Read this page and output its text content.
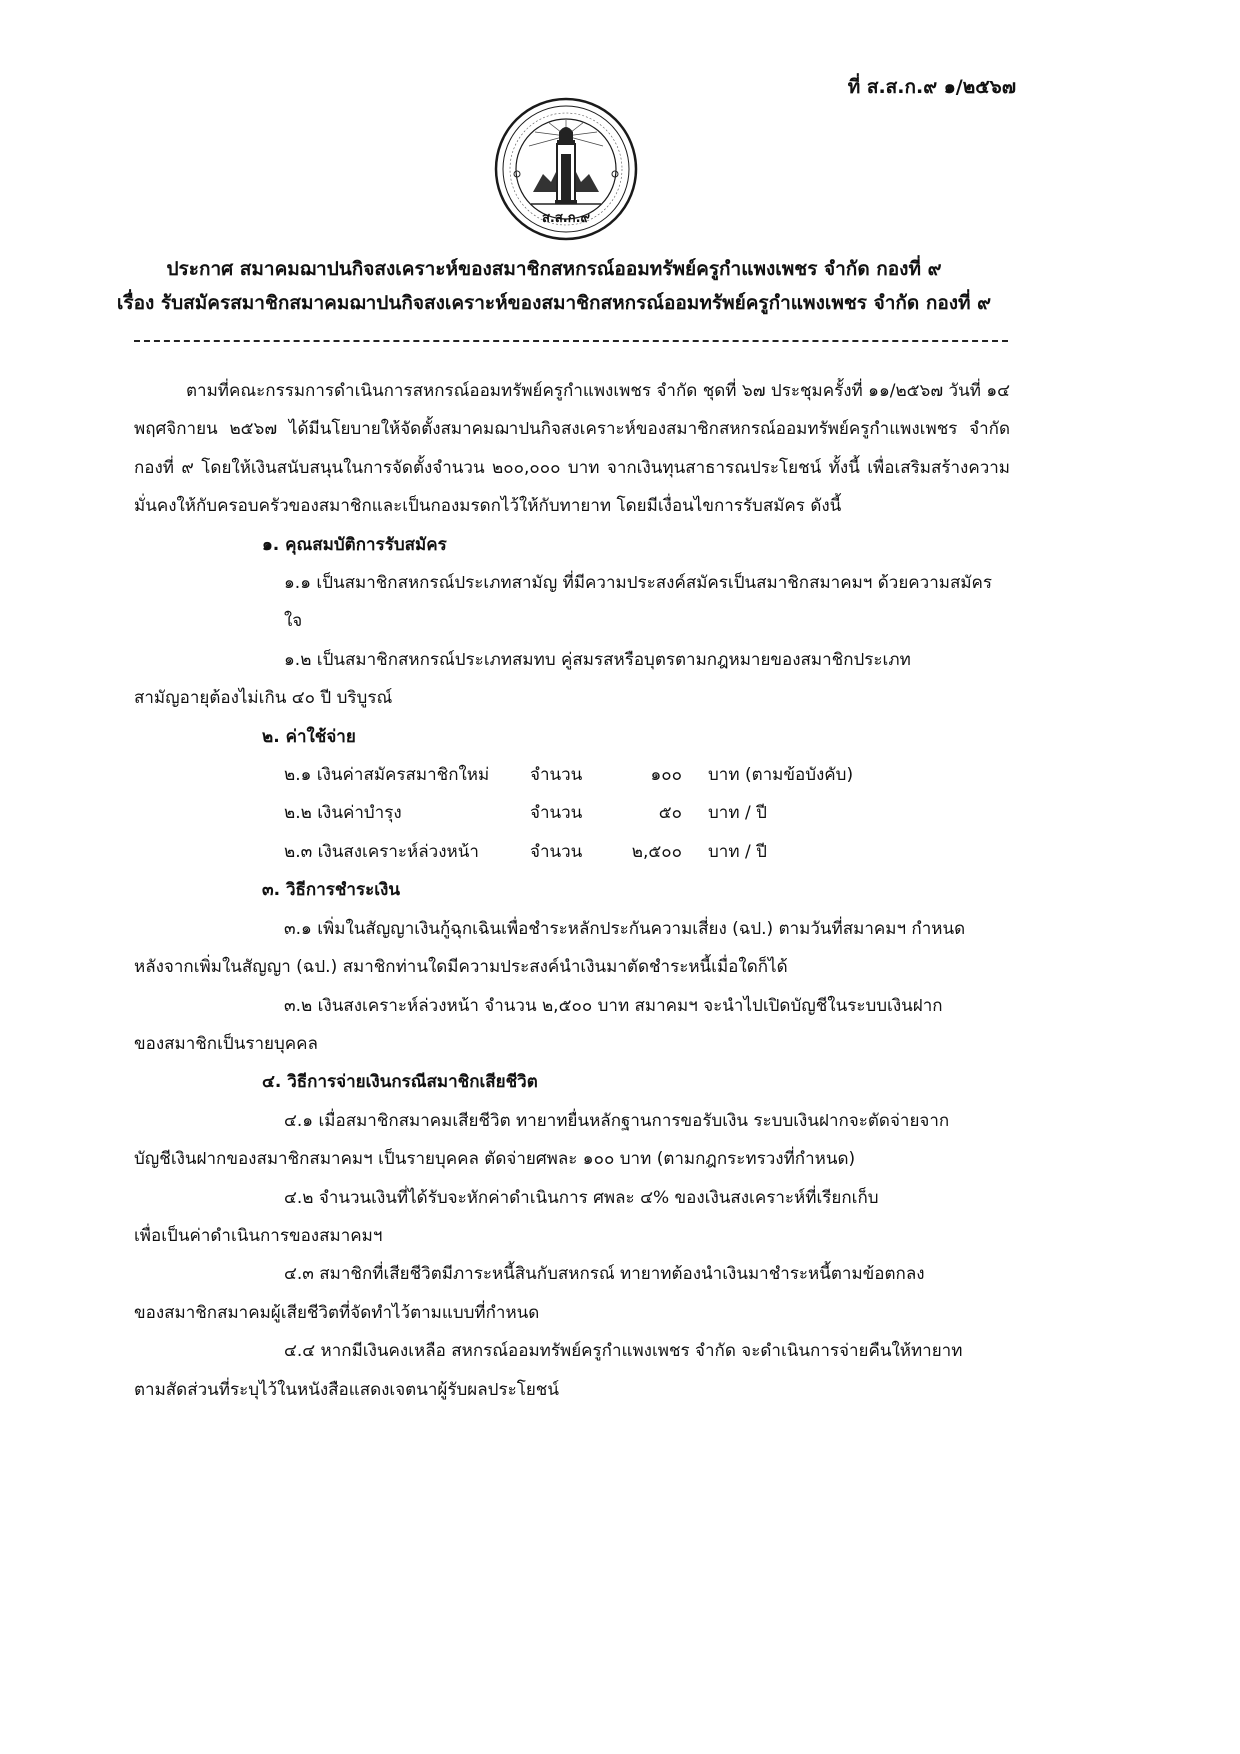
ที่ ส.ส.ก.๙ ๑/๒๕๖๗
ส.ส.ก.๙
ประกาศ สมาคมฌาปนกิจสงเคราะห์ของสมาชิกสหกรณ์ออมทรัพย์ครูกำแพงเพชร จำกัด กองที่ ๙
เรื่อง รับสมัครสมาชิกสมาคมฌาปนกิจสงเคราะห์ของสมาชิกสหกรณ์ออมทรัพย์ครูกำแพงเพชร จำกัด กองที่ ๙

ตามที่คณะกรรมการดำเนินการสหกรณ์ออมทรัพย์ครูกำแพงเพชร จำกัด ชุดที่ ๖๗ ประชุมครั้งที่ ๑๑/๒๕๖๗ วันที่ ๑๔ พฤศจิกายน ๒๕๖๗ ได้มีนโยบายให้จัดตั้งสมาคมฌาปนกิจสงเคราะห์ของสมาชิกสหกรณ์ออมทรัพย์ครูกำแพงเพชร จำกัด กองที่ ๙ โดยให้เงินสนับสนุนในการจัดตั้งจำนวน ๒๐๐,๐๐๐ บาท จากเงินทุนสาธารณประโยชน์ ทั้งนี้ เพื่อเสริมสร้างความมั่นคงให้กับครอบครัวของสมาชิกและเป็นกองมรดกไว้ให้กับทายาท โดยมีเงื่อนไขการรับสมัคร ดังนี้

๑. คุณสมบัติการรับสมัคร

๑.๑ เป็นสมาชิกสหกรณ์ประเภทสามัญ ที่มีความประสงค์สมัครเป็นสมาชิกสมาคมฯ ด้วยความสมัครใจ

๑.๒ เป็นสมาชิกสหกรณ์ประเภทสมทบ คู่สมรสหรือบุตรตามกฎหมายของสมาชิกประเภท

สามัญอายุต้องไม่เกิน ๔๐ ปี บริบูรณ์

๒. ค่าใช้จ่าย

๒.๑ เงินค่าสมัครสมาชิกใหม่	จำนวน	๑๐๐	บาท (ตามข้อบังคับ)
๒.๒ เงินค่าบำรุง	จำนวน	๕๐	บาท / ปี
๒.๓ เงินสงเคราะห์ล่วงหน้า	จำนวน	๒,๕๐๐	บาท / ปี

๓. วิธีการชำระเงิน

๓.๑ เพิ่มในสัญญาเงินกู้ฉุกเฉินเพื่อชำระหลักประกันความเสี่ยง (ฉป.) ตามวันที่สมาคมฯ กำหนด

หลังจากเพิ่มในสัญญา (ฉป.) สมาชิกท่านใดมีความประสงค์นำเงินมาตัดชำระหนี้เมื่อใดก็ได้

๓.๒ เงินสงเคราะห์ล่วงหน้า จำนวน ๒,๕๐๐ บาท สมาคมฯ จะนำไปเปิดบัญชีในระบบเงินฝาก

ของสมาชิกเป็นรายบุคคล

๔. วิธีการจ่ายเงินกรณีสมาชิกเสียชีวิต

๔.๑ เมื่อสมาชิกสมาคมเสียชีวิต ทายาทยื่นหลักฐานการขอรับเงิน ระบบเงินฝากจะตัดจ่ายจาก

บัญชีเงินฝากของสมาชิกสมาคมฯ เป็นรายบุคคล ตัดจ่ายศพละ ๑๐๐ บาท (ตามกฎกระทรวงที่กำหนด)

๔.๒ จำนวนเงินที่ได้รับจะหักค่าดำเนินการ ศพละ ๔% ของเงินสงเคราะห์ที่เรียกเก็บ

เพื่อเป็นค่าดำเนินการของสมาคมฯ

๔.๓ สมาชิกที่เสียชีวิตมีภาระหนี้สินกับสหกรณ์ ทายาทต้องนำเงินมาชำระหนี้ตามข้อตกลง

ของสมาชิกสมาคมผู้เสียชีวิตที่จัดทำไว้ตามแบบที่กำหนด

๔.๔ หากมีเงินคงเหลือ สหกรณ์ออมทรัพย์ครูกำแพงเพชร จำกัด จะดำเนินการจ่ายคืนให้ทายาท

ตามสัดส่วนที่ระบุไว้ในหนังสือแสดงเจตนาผู้รับผลประโยชน์
